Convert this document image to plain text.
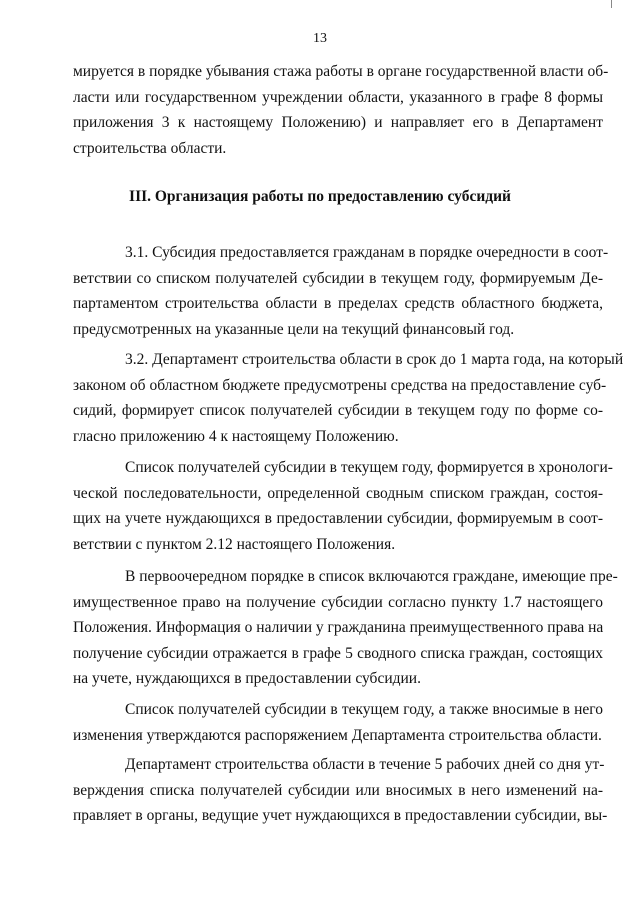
13
мируется в порядке убывания стажа работы в органе государственной власти об-
ласти или государственном учреждении области, указанного в графе 8 формы
приложения 3 к настоящему Положению) и направляет его в Департамент
строительства области.
III. Организация работы по предоставлению субсидий
3.1. Субсидия предоставляется гражданам в порядке очередности в соот-
ветствии со списком получателей субсидии в текущем году, формируемым Де-
партаментом строительства области в пределах средств областного бюджета,
предусмотренных на указанные цели на текущий финансовый год.
3.2. Департамент строительства области в срок до 1 марта года, на который
законом об областном бюджете предусмотрены средства на предоставление суб-
сидий, формирует список получателей субсидии в текущем году по форме со-
гласно приложению 4 к настоящему Положению.
Список получателей субсидии в текущем году, формируется в хронологи-
ческой последовательности, определенной сводным списком граждан, состоя-
щих на учете нуждающихся в предоставлении субсидии, формируемым в соот-
ветствии с пунктом 2.12 настоящего Положения.
В первоочередном порядке в список включаются граждане, имеющие пре-
имущественное право на получение субсидии согласно пункту 1.7 настоящего
Положения. Информация о наличии у гражданина преимущественного права на
получение субсидии отражается в графе 5 сводного списка граждан, состоящих
на учете, нуждающихся в предоставлении субсидии.
Список получателей субсидии в текущем году, а также вносимые в него
изменения утверждаются распоряжением Департамента строительства области.
Департамент строительства области в течение 5 рабочих дней со дня ут-
верждения списка получателей субсидии или вносимых в него изменений на-
правляет в органы, ведущие учет нуждающихся в предоставлении субсидии, вы-
